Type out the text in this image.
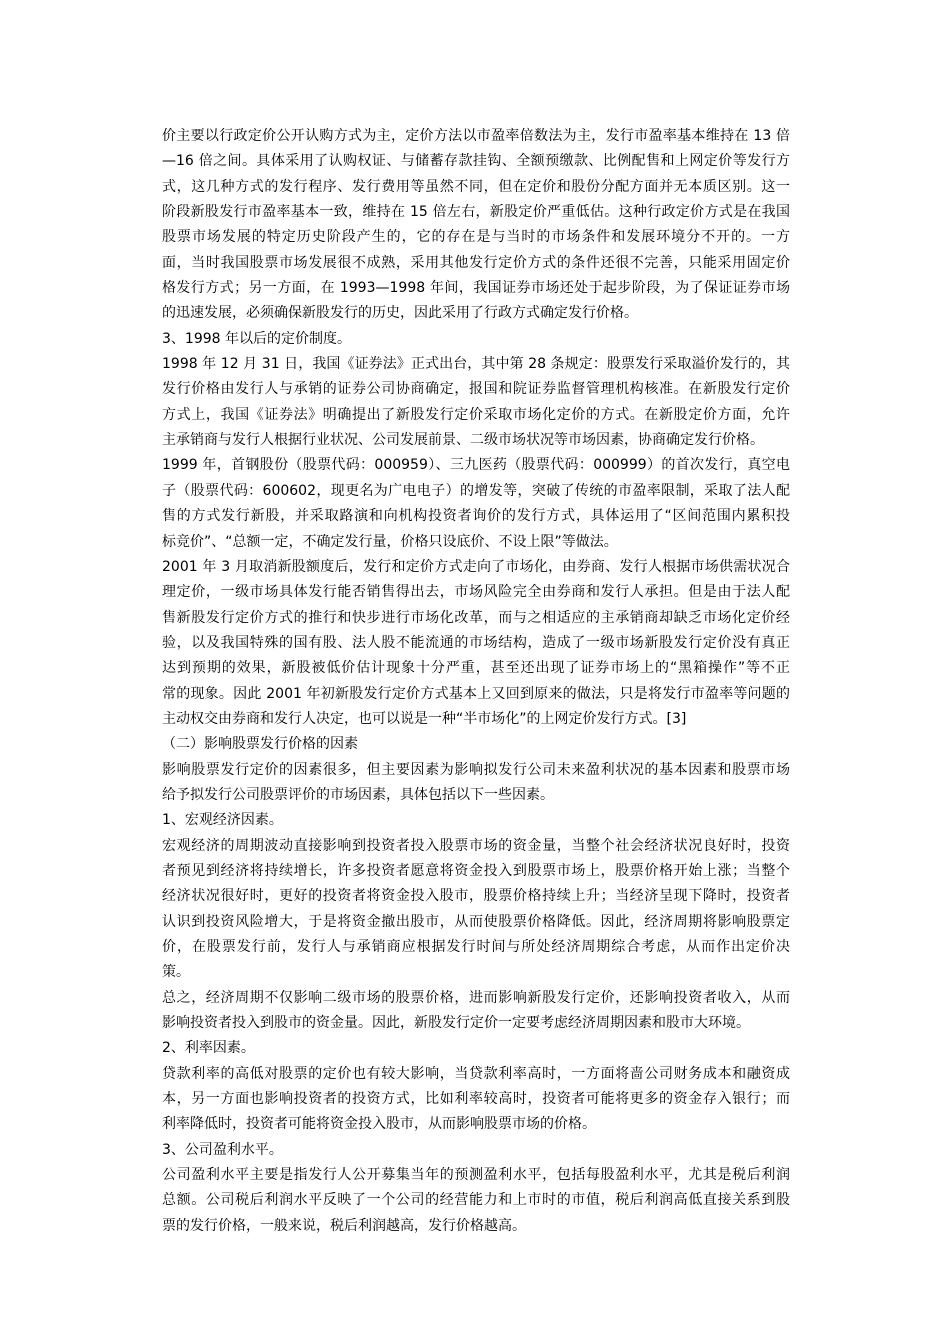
价主要以行政定价公开认购方式为主，定价方法以市盈率倍数法为主，发行市盈率基本维持在 13 倍
—16 倍之间。具体采用了认购权证、与储蓄存款挂钩、全额预缴款、比例配售和上网定价等发行方
式，这几种方式的发行程序、发行费用等虽然不同，但在定价和股份分配方面并无本质区别。这一
阶段新股发行市盈率基本一致，维持在 15 倍左右，新股定价严重低估。这种行政定价方式是在我国
股票市场发展的特定历史阶段产生的，它的存在是与当时的市场条件和发展环境分不开的。一方
面，当时我国股票市场发展很不成熟，采用其他发行定价方式的条件还很不完善，只能采用固定价
格发行方式；另一方面，在 1993—1998 年间，我国证券市场还处于起步阶段，为了保证证券市场
的迅速发展，必须确保新股发行的历史，因此采用了行政方式确定发行价格。
3、1998 年以后的定价制度。
1998 年 12 月 31 日，我国《证券法》正式出台，其中第 28 条规定：股票发行采取溢价发行的，其
发行价格由发行人与承销的证券公司协商确定，报国和院证券监督管理机构核准。在新股发行定价
方式上，我国《证券法》明确提出了新股发行定价采取市场化定价的方式。在新股定价方面，允许
主承销商与发行人根据行业状况、公司发展前景、二级市场状况等市场因素，协商确定发行价格。
1999 年，首钢股份（股票代码：000959）、三九医药（股票代码：000999）的首次发行，真空电
子（股票代码：600602，现更名为广电电子）的增发等，突破了传统的市盈率限制，采取了法人配
售的方式发行新股，并采取路演和向机构投资者询价的发行方式，具体运用了“区间范围内累积投
标竞价”、“总额一定，不确定发行量，价格只设底价、不设上限”等做法。
2001 年 3 月取消新股额度后，发行和定价方式走向了市场化，由券商、发行人根据市场供需状况合
理定价，一级市场具体发行能否销售得出去，市场风险完全由券商和发行人承担。但是由于法人配
售新股发行定价方式的推行和快步进行市场化改革，而与之相适应的主承销商却缺乏市场化定价经
验，以及我国特殊的国有股、法人股不能流通的市场结构，造成了一级市场新股发行定价没有真正
达到预期的效果，新股被低价估计现象十分严重，甚至还出现了证券市场上的“黑箱操作”等不正
常的现象。因此 2001 年初新股发行定价方式基本上又回到原来的做法，只是将发行市盈率等问题的
主动权交由券商和发行人决定，也可以说是一种“半市场化”的上网定价发行方式。[3]
（二）影响股票发行价格的因素
影响股票发行定价的因素很多，但主要因素为影响拟发行公司未来盈利状况的基本因素和股票市场
给予拟发行公司股票评价的市场因素，具体包括以下一些因素。
1、宏观经济因素。
宏观经济的周期波动直接影响到投资者投入股票市场的资金量，当整个社会经济状况良好时，投资
者预见到经济将持续增长，许多投资者愿意将资金投入到股票市场上，股票价格开始上涨；当整个
经济状况很好时，更好的投资者将资金投入股市，股票价格持续上升；当经济呈现下降时，投资者
认识到投资风险增大，于是将资金撤出股市，从而使股票价格降低。因此，经济周期将影响股票定
价，在股票发行前，发行人与承销商应根据发行时间与所处经济周期综合考虑，从而作出定价决
策。
总之，经济周期不仅影响二级市场的股票价格，进而影响新股发行定价，还影响投资者收入，从而
影响投资者投入到股市的资金量。因此，新股发行定价一定要考虑经济周期因素和股市大环境。
2、利率因素。
贷款利率的高低对股票的定价也有较大影响，当贷款利率高时，一方面将啬公司财务成本和融资成
本，另一方面也影响投资者的投资方式，比如利率较高时，投资者可能将更多的资金存入银行；而
利率降低时，投资者可能将资金投入股市，从而影响股票市场的价格。
3、公司盈利水平。
公司盈利水平主要是指发行人公开募集当年的预测盈利水平，包括每股盈利水平，尤其是税后利润
总额。公司税后利润水平反映了一个公司的经营能力和上市时的市值，税后利润高低直接关系到股
票的发行价格，一般来说，税后利润越高，发行价格越高。
